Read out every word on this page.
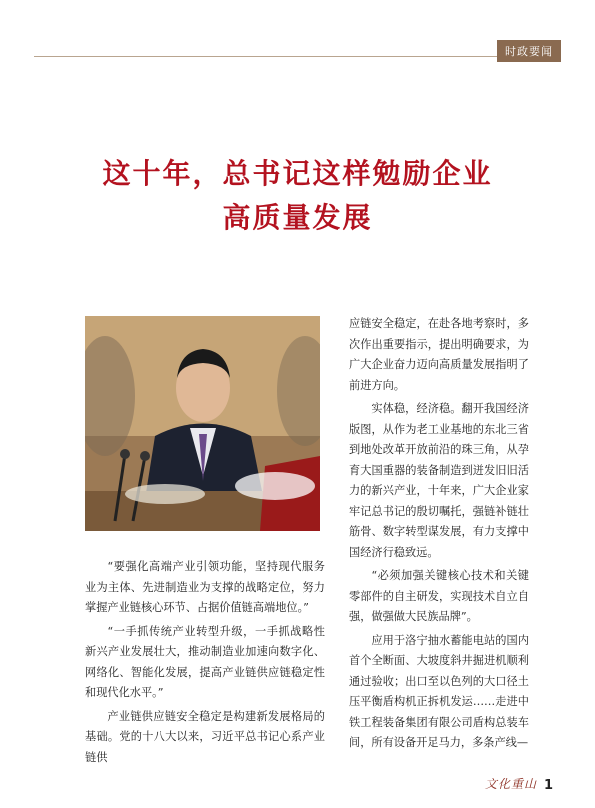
时政要闻
这十年，总书记这样勉励企业
高质量发展

“要强化高端产业引领功能，坚持现代服务业为主体、先进制造业为支撑的战略定位，努力掌握产业链核心环节、占据价值链高端地位。”

“一手抓传统产业转型升级，一手抓战略性新兴产业发展壮大，推动制造业加速向数字化、网络化、智能化发展，提高产业链供应链稳定性和现代化水平。”

产业链供应链安全稳定是构建新发展格局的基础。党的十八大以来，习近平总书记心系产业链供

应链安全稳定，在赴各地考察时，多次作出重要指示，提出明确要求，为广大企业奋力迈向高质量发展指明了前进方向。

实体稳，经济稳。翻开我国经济版图，从作为老工业基地的东北三省到地处改革开放前沿的珠三角，从孕育大国重器的装备制造到迸发旧旧活力的新兴产业，十年来，广大企业家牢记总书记的殷切嘱托，强链补链壮筋骨、数字转型谋发展，有力支撑中国经济行稳致远。

“必须加强关键核心技术和关键零部件的自主研发，实现技术自立自强，做强做大民族品牌”。

应用于洛宁抽水蓄能电站的国内首个全断面、大坡度斜井掘进机顺利通过验收；出口至以色列的大口径土压平衡盾构机正拆机发运……走进中铁工程装备集团有限公司盾构总装车间，所有设备开足马力，多条产线—

文化重山 1
